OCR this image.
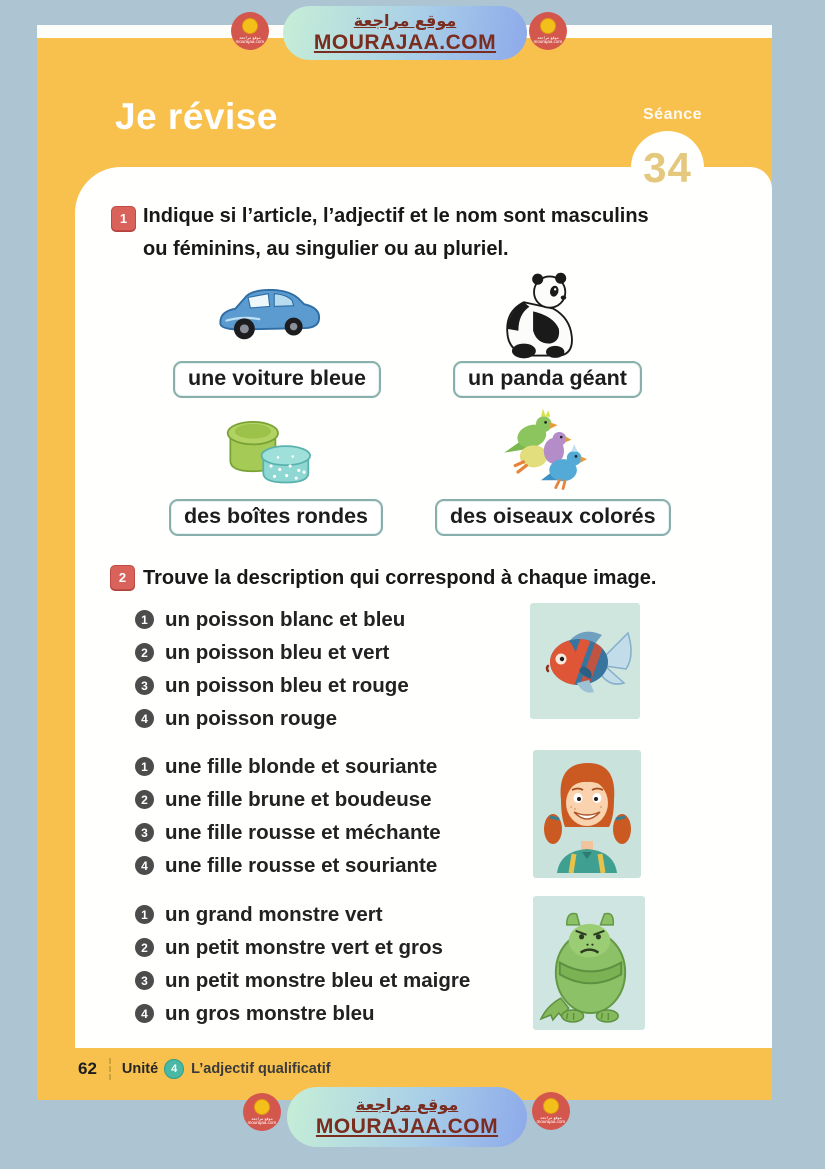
موقع مراجعة
MOURAJAA.COM
موقع مراجعة
mourajaa.com
موقع مراجعة
mourajaa.com
Je révise	Séance
34
1 Indique si l’article, l’adjectif et le nom sont masculins
ou féminins, au singulier ou au pluriel.
une voiture bleue	un panda géant
des boîtes rondes	des oiseaux colorés
2 Trouve la description qui correspond à chaque image.
1 un poisson blanc et bleu
2 un poisson bleu et vert
3 un poisson bleu et rouge
4 un poisson rouge
1 une fille blonde et souriante
2 une fille brune et boudeuse
3 une fille rousse et méchante
4 une fille rousse et souriante
1 un grand monstre vert
2 un petit monstre vert et gros
3 un petit monstre bleu et maigre
4 un gros monstre bleu
62 Unité	4 L’adjectif qualificatif
موقع مراجعة
MOURAJAA.COM
موقع مراجعة
mourajaa.com
موقع مراجعة
mourajaa.com
